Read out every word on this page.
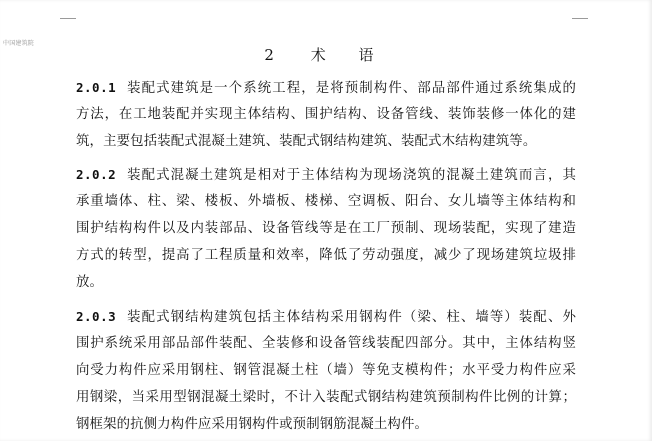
中国建筑院
2 术 语
2.0.1 装配式建筑是一个系统工程，是将预制构件、部品部件通过系统集成的
方法，在工地装配并实现主体结构、围护结构、设备管线、装饰装修一体化的建
筑，主要包括装配式混凝土建筑、装配式钢结构建筑、装配式木结构建筑等。
2.0.2 装配式混凝土建筑是相对于主体结构为现场浇筑的混凝土建筑而言，其
承重墙体、柱、梁、楼板、外墙板、楼梯、空调板、阳台、女儿墙等主体结构和
围护结构构件以及内装部品、设备管线等是在工厂预制、现场装配，实现了建造
方式的转型，提高了工程质量和效率，降低了劳动强度，减少了现场建筑垃圾排
放。
2.0.3 装配式钢结构建筑包括主体结构采用钢构件（梁、柱、墙等）装配、外
围护系统采用部品部件装配、全装修和设备管线装配四部分。其中，主体结构竖
向受力构件应采用钢柱、钢管混凝土柱（墙）等免支模构件；水平受力构件应采
用钢梁，当采用型钢混凝土梁时，不计入装配式钢结构建筑预制构件比例的计算；
钢框架的抗侧力构件应采用钢构件或预制钢筋混凝土构件。
